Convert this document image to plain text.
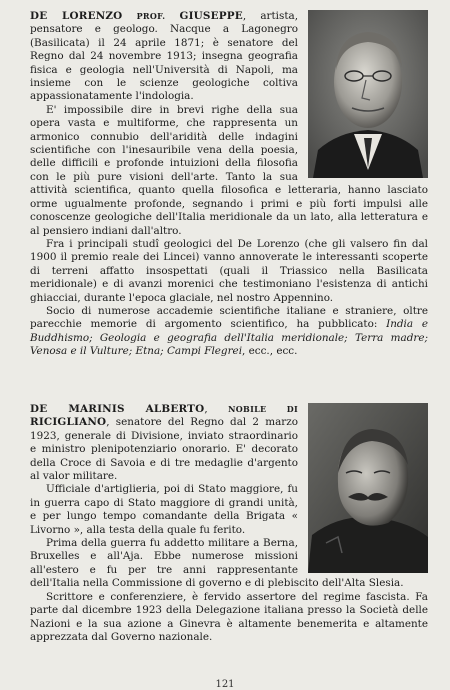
DE LORENZO PROF. GIUSEPPE, artista, pensatore e geologo. Nacque a Lagonegro (Basilicata) il 24 aprile 1871; è senatore del Regno dal 24 novembre 1913; insegna geografia fisica e geologia nell'Università di Napoli, ma insieme con le scienze geologiche coltiva appassionatamente l'indologia.

E' impossibile dire in brevi righe della sua opera vasta e multiforme, che rappresenta un armonico connubio dell'aridità delle indagini scientifiche con l'inesauribile vena della poesia, delle difficili e profonde intuizioni della filosofia con le più pure visioni dell'arte. Tanto la sua attività scientifica, quanto quella filosofica e letteraria, hanno lasciato orme ugualmente profonde, segnando i primi e più forti impulsi alle conoscenze geologiche dell'Italia meridionale da un lato, alla letteratura e al pensiero indiani dall'altro.

Fra i principali studî geologici del De Lorenzo (che gli valsero fin dal 1900 il premio reale dei Lincei) vanno annoverate le interessanti scoperte di terreni affatto insospettati (quali il Triassico nella Basilicata meridionale) e di avanzi morenici che testimoniano l'esistenza di antichi ghiacciai, durante l'epoca glaciale, nel nostro Appennino.

Socio di numerose accademie scientifiche italiane e straniere, oltre parecchie memorie di argomento scientifico, ha pubblicato: India e Buddhismo; Geologia e geografia dell'Italia meridionale; Terra madre; Venosa e il Vulture; Etna; Campi Flegrei, ecc., ecc.

DE MARINIS ALBERTO, NOBILE DI RICIGLIANO, senatore del Regno dal 2 marzo 1923, generale di Divisione, inviato straordinario e ministro plenipotenziario onorario. E' decorato della Croce di Savoia e di tre medaglie d'argento al valor militare.

Ufficiale d'artiglieria, poi di Stato maggiore, fu in guerra capo di Stato maggiore di grandi unità, e per lungo tempo comandante della Brigata « Livorno », alla testa della quale fu ferito.

Prima della guerra fu addetto militare a Berna, Bruxelles e all'Aja. Ebbe numerose missioni all'estero e fu per tre anni rappresentante dell'Italia nella Commissione di governo e di plebiscito dell'Alta Slesia.

Scrittore e conferenziere, è fervido assertore del regime fascista. Fa parte dal dicembre 1923 della Delegazione italiana presso la Società delle Nazioni e la sua azione a Ginevra è altamente benemerita e altamente apprezzata dal Governo nazionale.

121
